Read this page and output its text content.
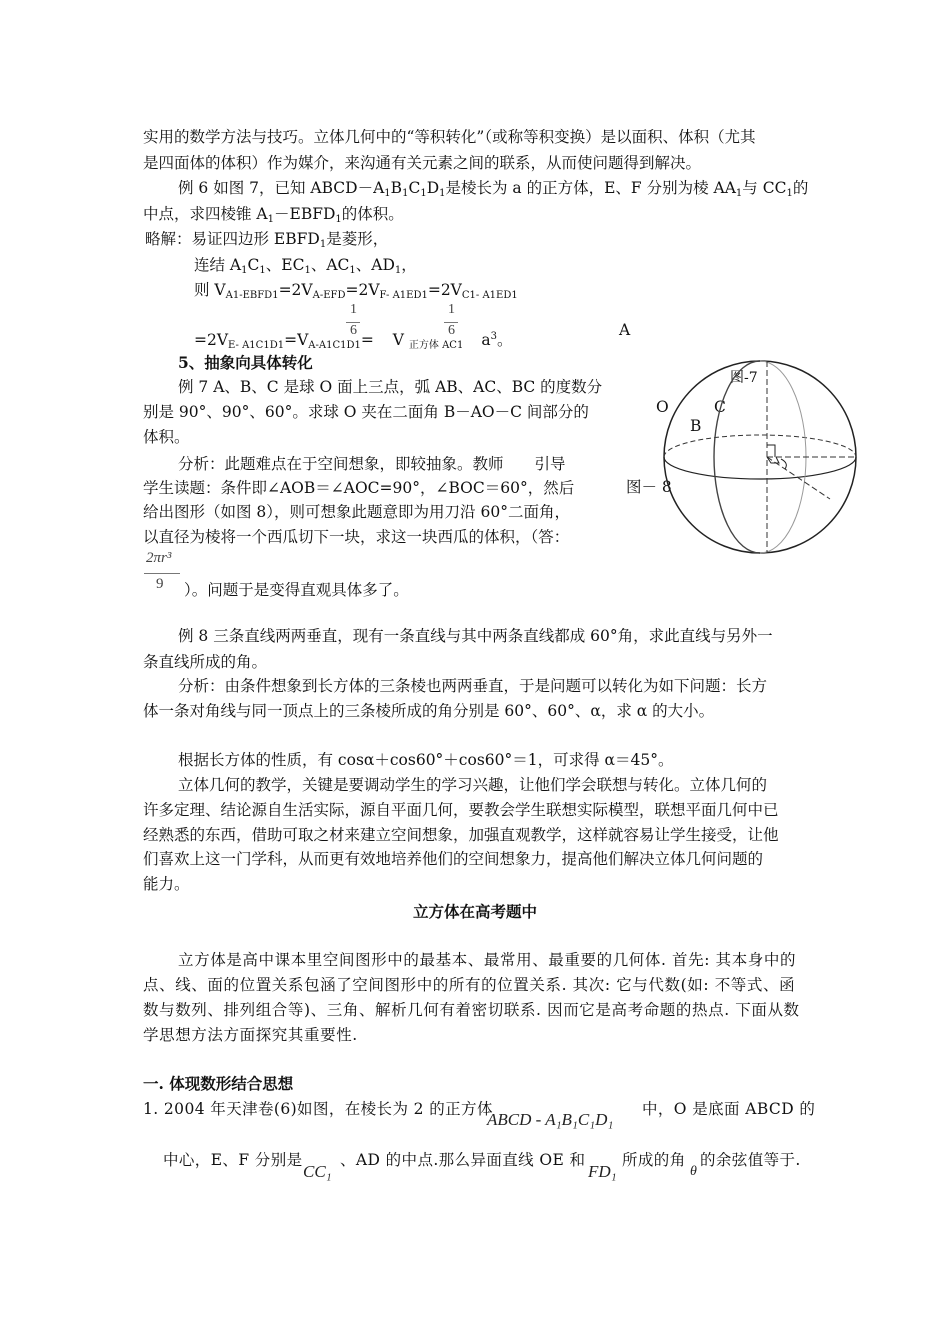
实用的数学方法与技巧。立体几何中的“等积转化”（或称等积变换）是以面积、体积（尤其
是四面体的体积）作为媒介，来沟通有关元素之间的联系，从而使问题得到解决。
例 6 如图 7，已知 $ABCD-A_1B_1C_1D_1$是棱长为 a 的正方体，E、F 分别为棱 $AA_1$与 $CC_1$的
中点，求四棱锥 $A_1-EBFD_1$的体积。
略解：易证四边形 $EBFD_1$是菱形，
连结 $A_1C_1$、$EC_1$、$AC_1$、$AD_1$，
则 $V_{A1-EBFD1}=2V_{A-EFD}=2V_{F- A1ED1}=2V_{C1- A1ED1}$
1
6
1
6
$=2V_{E- A1C1D1}=V_{A-A1C1D1}= V$ $_{正方体 AC1}$ $a^3$。
5、抽象向具体转化
例 7 A、B、C 是球 O 面上三点，弧 AB、AC、BC 的度数分
别是 90°、90°、60°。求球 O 夹在二面角 B－AO－C 间部分的
体积。
分析：此题难点在于空间想象，即较抽象。教师　　引导
学生读题：条件即∠AOB＝∠AOC=90°，∠BOC＝60°，然后
给出图形（如图 8），则可想象此题意即为用刀沿 60°二面角，
以直径为棱将一个西瓜切下一块，求这一块西瓜的体积，（答：
2πr³
9 ）。问题于是变得直观具体多了。
A
O	C
B
图-7
图－ 8
例 8 三条直线两两垂直，现有一条直线与其中两条直线都成 60°角，求此直线与另外一
条直线所成的角。
分析：由条件想象到长方体的三条棱也两两垂直，于是问题可以转化为如下问题：长方
体一条对角线与同一顶点上的三条棱所成的角分别是 60°、60°、α，求 α 的大小。
根据长方体的性质，有 cosα＋cos60°＋cos60°＝1，可求得 α＝45°。
立体几何的教学，关键是要调动学生的学习兴趣，让他们学会联想与转化。立体几何的
许多定理、结论源自生活实际，源自平面几何，要教会学生联想实际模型，联想平面几何中已
经熟悉的东西，借助可取之材来建立空间想象，加强直观教学，这样就容易让学生接受，让他
们喜欢上这一门学科，从而更有效地培养他们的空间想象力，提高他们解决立体几何问题的
能力。
立方体在高考题中
立方体是高中课本里空间图形中的最基本、最常用、最重要的几何体. 首先: 其本身中的
点、线、面的位置关系包涵了空间图形中的所有的位置关系. 其次: 它与代数(如: 不等式、函
数与数列、排列组合等)、三角、解析几何有着密切联系. 因而它是高考命题的热点. 下面从数
学思想方法方面探究其重要性.
一. 体现数形结合思想
1. 2004 年天津卷(6)如图，在棱长为 2 的正方体
ABCD - A₁B₁C₁D₁
中，O 是底面 ABCD 的
中心，E、F 分别是
CC₁
、AD 的中点.那么异面直线 OE 和
FD₁
所成的角
θ
的余弦值等于.
